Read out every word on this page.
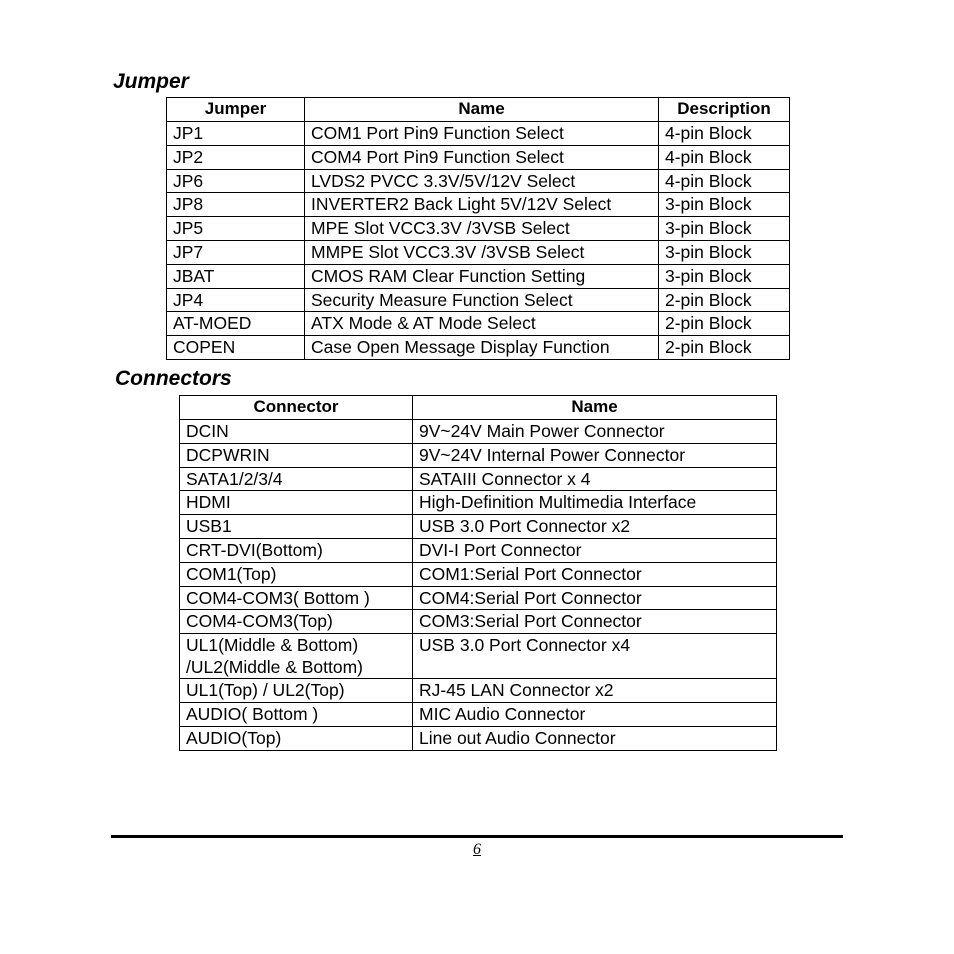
Jumper
Jumper	Name	Description
JP1	COM1 Port Pin9 Function Select	4-pin Block
JP2	COM4 Port Pin9 Function Select	4-pin Block
JP6	LVDS2 PVCC 3.3V/5V/12V Select	4-pin Block
JP8	INVERTER2 Back Light 5V/12V Select	3-pin Block
JP5	MPE Slot VCC3.3V /3VSB Select	3-pin Block
JP7	MMPE Slot VCC3.3V /3VSB Select	3-pin Block
JBAT	CMOS RAM Clear Function Setting	3-pin Block
JP4	Security Measure Function Select	2-pin Block
AT-MOED	ATX Mode & AT Mode Select	2-pin Block
COPEN	Case Open Message Display Function	2-pin Block
Connectors
Connector	Name
DCIN	9V~24V Main Power Connector
DCPWRIN	9V~24V Internal Power Connector
SATA1/2/3/4	SATAIII Connector x 4
HDMI	High-Definition Multimedia Interface
USB1	USB 3.0 Port Connector x2
CRT-DVI(Bottom)	DVI-I Port Connector
COM1(Top)	COM1:Serial Port Connector
COM4-COM3( Bottom )	COM4:Serial Port Connector
COM4-COM3(Top)	COM3:Serial Port Connector
UL1(Middle & Bottom)
/UL2(Middle & Bottom)	USB 3.0 Port Connector x4
UL1(Top) / UL2(Top)	RJ-45 LAN Connector x2
AUDIO( Bottom )	MIC Audio Connector
AUDIO(Top)	Line out Audio Connector
6
